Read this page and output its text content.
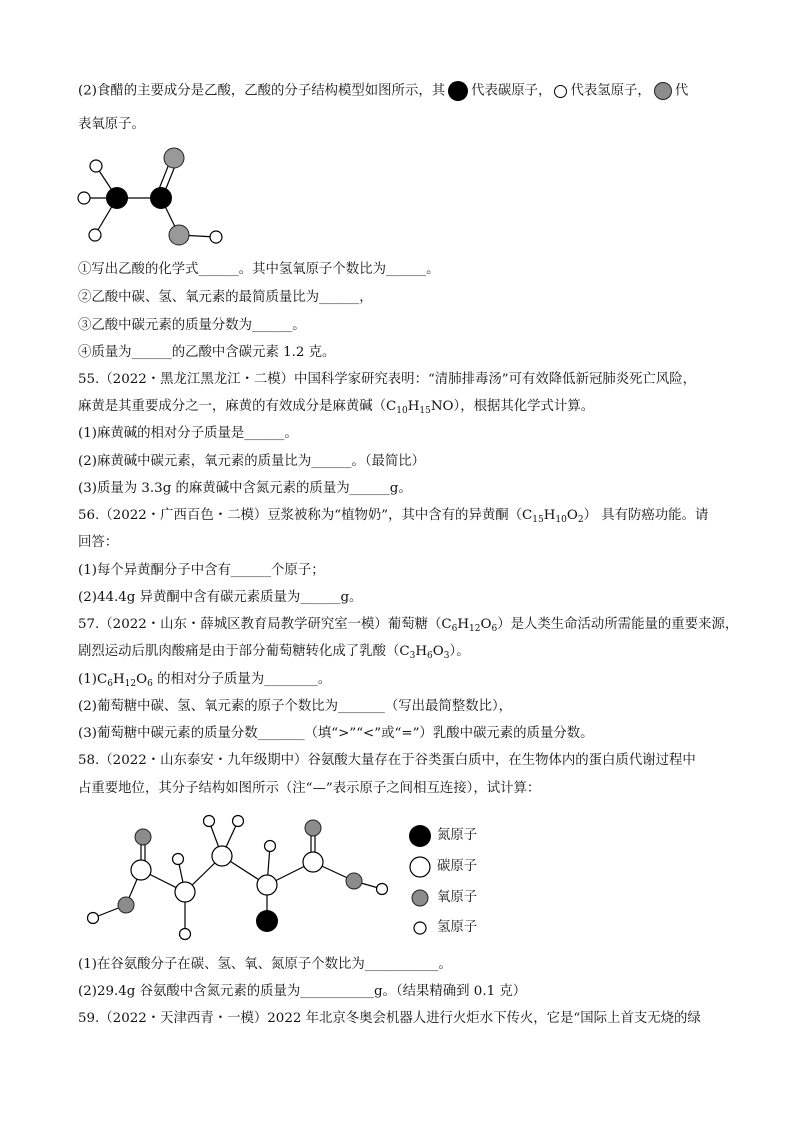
(2)食醋的主要成分是乙酸，乙酸的分子结构模型如图所示，其 代表碳原子， 代表氢原子， 代
表氧原子。
①写出乙酸的化学式______。其中氢氧原子个数比为______。
②乙酸中碳、氢、氧元素的最简质量比为______，
③乙酸中碳元素的质量分数为______。
④质量为______的乙酸中含碳元素 1.2 克。
55.（2022・黑龙江黑龙江・二模）中国科学家研究表明：“清肺排毒汤”可有效降低新冠肺炎死亡风险，
麻黄是其重要成分之一，麻黄的有效成分是麻黄碱$(C_{10}H_{15}NO)$，根据其化学式计算。
(1)麻黄碱的相对分子质量是______。
(2)麻黄碱中碳元素，氧元素的质量比为______。（最简比）
(3)质量为 3.3g 的麻黄碱中含氮元素的质量为______g。
56.（2022・广西百色・二模）豆浆被称为“植物奶”，其中含有的异黄酮$(C_{15}H_{10}O_2)$ 具有防癌功能。请
回答：
(1)每个异黄酮分子中含有______个原子；
(2)44.4g 异黄酮中含有碳元素质量为______g。
57.（2022・山东・薛城区教育局教学研究室一模）葡萄糖$(C_6H_{12}O_6)$是人类生命活动所需能量的重要来源，
剧烈运动后肌肉酸痛是由于部分葡萄糖转化成了乳酸$(C_3H_6O_3)$。
$(1)C_6H_{12}O_6$ 的相对分子质量为________。
(2)葡萄糖中碳、氢、氧元素的原子个数比为_______（写出最简整数比），
(3)葡萄糖中碳元素的质量分数_______（填“>”“<”或“=”）乳酸中碳元素的质量分数。
58.（2022・山东泰安・九年级期中）谷氨酸大量存在于谷类蛋白质中，在生物体内的蛋白质代谢过程中
占重要地位，其分子结构如图所示（注“—”表示原子之间相互连接），试计算：
氮原子
碳原子
氧原子
氢原子
(1)在谷氨酸分子在碳、氢、氧、氮原子个数比为___________。
(2)29.4g 谷氨酸中含氮元素的质量为___________g。（结果精确到 0.1 克）
59.（2022・天津西青・一模）2022 年北京冬奥会机器人进行火炬水下传火，它是“国际上首支无烧的绿
